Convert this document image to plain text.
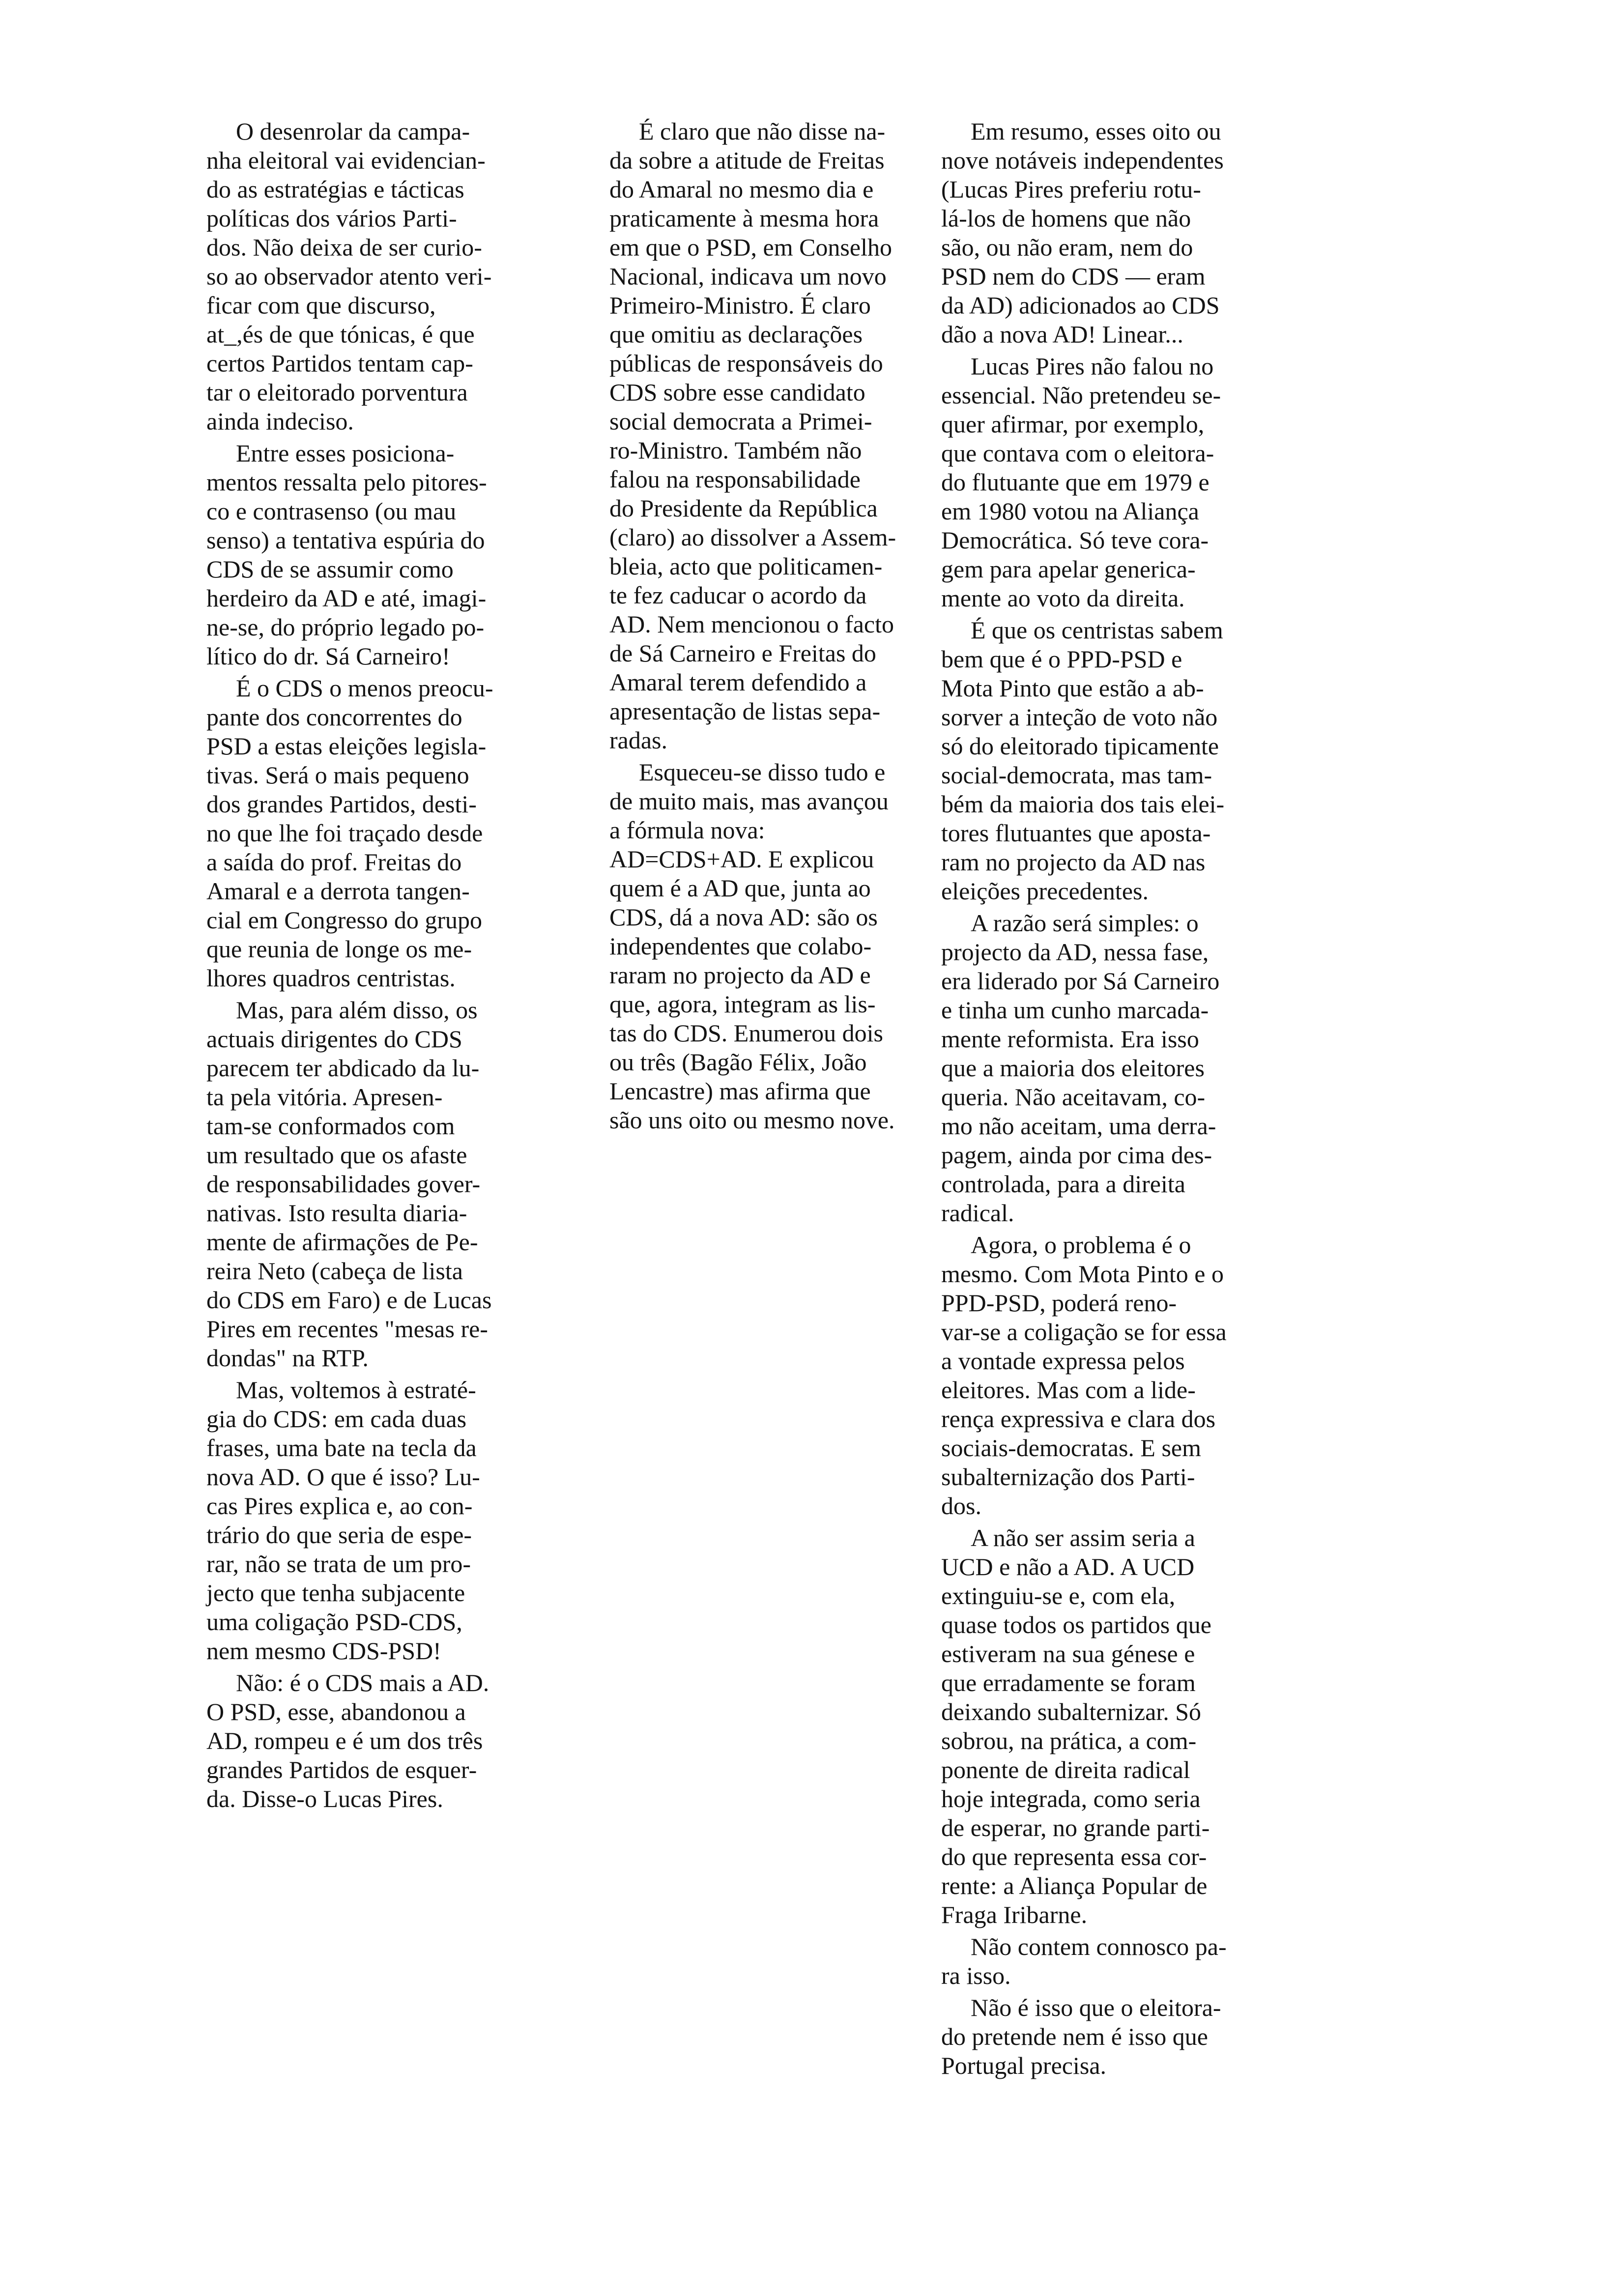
O desenrolar da campa-
nha eleitoral vai evidencian-
do as estratégias e tácticas
políticas dos vários Parti-
dos. Não deixa de ser curio-
so ao observador atento veri-
ficar com que discurso,
at_,és de que tónicas, é que
certos Partidos tentam cap-
tar o eleitorado porventura
ainda indeciso.

Entre esses posiciona-
mentos ressalta pelo pitores-
co e contrasenso (ou mau
senso) a tentativa espúria do
CDS de se assumir como
herdeiro da AD e até, imagi-
ne-se, do próprio legado po-
lítico do dr. Sá Carneiro!

É o CDS o menos preocu-
pante dos concorrentes do
PSD a estas eleições legisla-
tivas. Será o mais pequeno
dos grandes Partidos, desti-
no que lhe foi traçado desde
a saída do prof. Freitas do
Amaral e a derrota tangen-
cial em Congresso do grupo
que reunia de longe os me-
lhores quadros centristas.

Mas, para além disso, os
actuais dirigentes do CDS
parecem ter abdicado da lu-
ta pela vitória. Apresen-
tam-se conformados com
um resultado que os afaste
de responsabilidades gover-
nativas. Isto resulta diaria-
mente de afirmações de Pe-
reira Neto (cabeça de lista
do CDS em Faro) e de Lucas
Pires em recentes "mesas re-
dondas" na RTP.

Mas, voltemos à estraté-
gia do CDS: em cada duas
frases, uma bate na tecla da
nova AD. O que é isso? Lu-
cas Pires explica e, ao con-
trário do que seria de espe-
rar, não se trata de um pro-
jecto que tenha subjacente
uma coligação PSD-CDS,
nem mesmo CDS-PSD!

Não: é o CDS mais a AD.
O PSD, esse, abandonou a
AD, rompeu e é um dos três
grandes Partidos de esquer-
da. Disse-o Lucas Pires.

É claro que não disse na-
da sobre a atitude de Freitas
do Amaral no mesmo dia e
praticamente à mesma hora
em que o PSD, em Conselho
Nacional, indicava um novo
Primeiro-Ministro. É claro
que omitiu as declarações
públicas de responsáveis do
CDS sobre esse candidato
social democrata a Primei-
ro-Ministro. Também não
falou na responsabilidade
do Presidente da República
(claro) ao dissolver a Assem-
bleia, acto que politicamen-
te fez caducar o acordo da
AD. Nem mencionou o facto
de Sá Carneiro e Freitas do
Amaral terem defendido a
apresentação de listas sepa-
radas.

Esqueceu-se disso tudo e
de muito mais, mas avançou
a fórmula nova:
AD=CDS+AD. E explicou
quem é a AD que, junta ao
CDS, dá a nova AD: são os
independentes que colabo-
raram no projecto da AD e
que, agora, integram as lis-
tas do CDS. Enumerou dois
ou três (Bagão Félix, João
Lencastre) mas afirma que
são uns oito ou mesmo nove.

Em resumo, esses oito ou
nove notáveis independentes
(Lucas Pires preferiu rotu-
lá-los de homens que não
são, ou não eram, nem do
PSD nem do CDS — eram
da AD) adicionados ao CDS
dão a nova AD! Linear...

Lucas Pires não falou no
essencial. Não pretendeu se-
quer afirmar, por exemplo,
que contava com o eleitora-
do flutuante que em 1979 e
em 1980 votou na Aliança
Democrática. Só teve cora-
gem para apelar generica-
mente ao voto da direita.

É que os centristas sabem
bem que é o PPD-PSD e
Mota Pinto que estão a ab-
sorver a inteção de voto não
só do eleitorado tipicamente
social-democrata, mas tam-
bém da maioria dos tais elei-
tores flutuantes que aposta-
ram no projecto da AD nas
eleições precedentes.

A razão será simples: o
projecto da AD, nessa fase,
era liderado por Sá Carneiro
e tinha um cunho marcada-
mente reformista. Era isso
que a maioria dos eleitores
queria. Não aceitavam, co-
mo não aceitam, uma derra-
pagem, ainda por cima des-
controlada, para a direita
radical.

Agora, o problema é o
mesmo. Com Mota Pinto e o
PPD-PSD, poderá reno-
var-se a coligação se for essa
a vontade expressa pelos
eleitores. Mas com a lide-
rença expressiva e clara dos
sociais-democratas. E sem
subalternização dos Parti-
dos.

A não ser assim seria a
UCD e não a AD. A UCD
extinguiu-se e, com ela,
quase todos os partidos que
estiveram na sua génese e
que erradamente se foram
deixando subalternizar. Só
sobrou, na prática, a com-
ponente de direita radical
hoje integrada, como seria
de esperar, no grande parti-
do que representa essa cor-
rente: a Aliança Popular de
Fraga Iribarne.

Não contem connosco pa-
ra isso.

Não é isso que o eleitora-
do pretende nem é isso que
Portugal precisa.
